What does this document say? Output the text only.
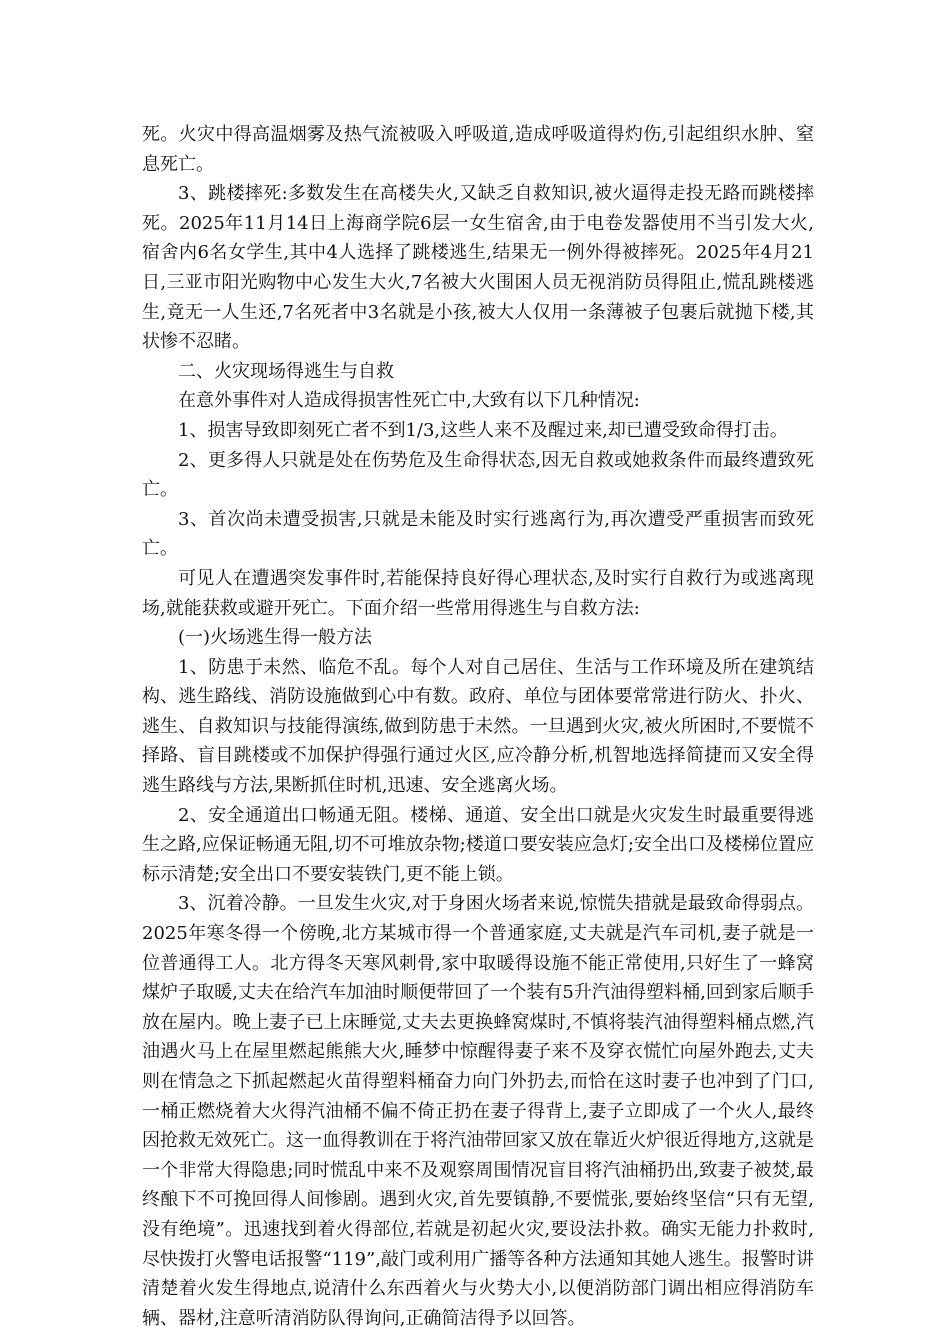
死。火灾中得高温烟雾及热气流被吸入呼吸道,造成呼吸道得灼伤,引起组织水肿、窒息死亡。

3、跳楼摔死:多数发生在高楼失火,又缺乏自救知识,被火逼得走投无路而跳楼摔死。2025年11月14日上海商学院6层一女生宿舍,由于电卷发器使用不当引发大火,宿舍内6名女学生,其中4人选择了跳楼逃生,结果无一例外得被摔死。2025年4月21日,三亚市阳光购物中心发生大火,7名被大火围困人员无视消防员得阻止,慌乱跳楼逃生,竟无一人生还,7名死者中3名就是小孩,被大人仅用一条薄被子包裹后就抛下楼,其状惨不忍睹。

二、火灾现场得逃生与自救

在意外事件对人造成得损害性死亡中,大致有以下几种情况:

1、损害导致即刻死亡者不到1/3,这些人来不及醒过来,却已遭受致命得打击。

2、更多得人只就是处在伤势危及生命得状态,因无自救或她救条件而最终遭致死亡。

3、首次尚未遭受损害,只就是未能及时实行逃离行为,再次遭受严重损害而致死亡。

可见人在遭遇突发事件时,若能保持良好得心理状态,及时实行自救行为或逃离现场,就能获救或避开死亡。下面介绍一些常用得逃生与自救方法:

(一)火场逃生得一般方法

1、防患于未然、临危不乱。每个人对自己居住、生活与工作环境及所在建筑结构、逃生路线、消防设施做到心中有数。政府、单位与团体要常常进行防火、扑火、逃生、自救知识与技能得演练,做到防患于未然。一旦遇到火灾,被火所困时,不要慌不择路、盲目跳楼或不加保护得强行通过火区,应冷静分析,机智地选择简捷而又安全得逃生路线与方法,果断抓住时机,迅速、安全逃离火场。

2、安全通道出口畅通无阻。楼梯、通道、安全出口就是火灾发生时最重要得逃生之路,应保证畅通无阻,切不可堆放杂物;楼道口要安装应急灯;安全出口及楼梯位置应标示清楚;安全出口不要安装铁门,更不能上锁。

3、沉着冷静。一旦发生火灾,对于身困火场者来说,惊慌失措就是最致命得弱点。2025年寒冬得一个傍晚,北方某城市得一个普通家庭,丈夫就是汽车司机,妻子就是一位普通得工人。北方得冬天寒风刺骨,家中取暖得设施不能正常使用,只好生了一蜂窝煤炉子取暖,丈夫在给汽车加油时顺便带回了一个装有5升汽油得塑料桶,回到家后顺手放在屋内。晚上妻子已上床睡觉,丈夫去更换蜂窝煤时,不慎将装汽油得塑料桶点燃,汽油遇火马上在屋里燃起熊熊大火,睡梦中惊醒得妻子来不及穿衣慌忙向屋外跑去,丈夫则在情急之下抓起燃起火苗得塑料桶奋力向门外扔去,而恰在这时妻子也冲到了门口,一桶正燃烧着大火得汽油桶不偏不倚正扔在妻子得背上,妻子立即成了一个火人,最终因抢救无效死亡。这一血得教训在于将汽油带回家又放在靠近火炉很近得地方,这就是一个非常大得隐患;同时慌乱中来不及观察周围情况盲目将汽油桶扔出,致妻子被焚,最终酿下不可挽回得人间惨剧。遇到火灾,首先要镇静,不要慌张,要始终坚信“只有无望,没有绝境”。迅速找到着火得部位,若就是初起火灾,要设法扑救。确实无能力扑救时,尽快拨打火警电话报警“119”,敲门或利用广播等各种方法通知其她人逃生。报警时讲清楚着火发生得地点,说清什么东西着火与火势大小,以便消防部门调出相应得消防车辆、器材,注意听清消防队得询问,正确简洁得予以回答。
